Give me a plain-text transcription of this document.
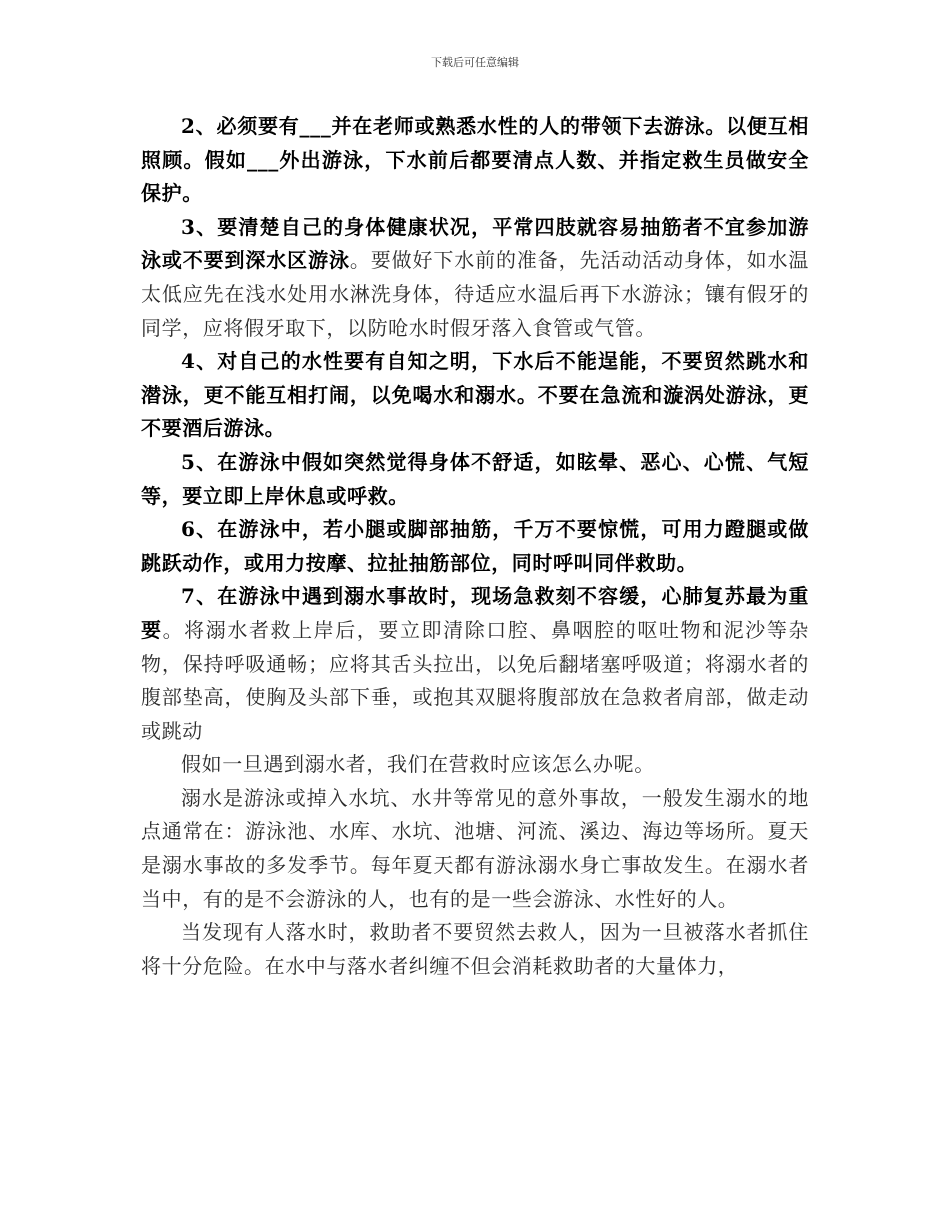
下载后可任意编辑

2、必须要有___并在老师或熟悉水性的人的带领下去游泳。以便互相照顾。假如___外出游泳，下水前后都要清点人数、并指定救生员做安全保护。

3、要清楚自己的身体健康状况，平常四肢就容易抽筋者不宜参加游泳或不要到深水区游泳。要做好下水前的准备，先活动活动身体，如水温太低应先在浅水处用水淋洗身体，待适应水温后再下水游泳；镶有假牙的同学，应将假牙取下，以防呛水时假牙落入食管或气管。

4、对自己的水性要有自知之明，下水后不能逞能，不要贸然跳水和潜泳，更不能互相打闹，以免喝水和溺水。不要在急流和漩涡处游泳，更不要酒后游泳。

5、在游泳中假如突然觉得身体不舒适，如眩晕、恶心、心慌、气短等，要立即上岸休息或呼救。

6、在游泳中，若小腿或脚部抽筋，千万不要惊慌，可用力蹬腿或做跳跃动作，或用力按摩、拉扯抽筋部位，同时呼叫同伴救助。

7、在游泳中遇到溺水事故时，现场急救刻不容缓，心肺复苏最为重要。将溺水者救上岸后，要立即清除口腔、鼻咽腔的呕吐物和泥沙等杂物，保持呼吸通畅；应将其舌头拉出，以免后翻堵塞呼吸道；将溺水者的腹部垫高，使胸及头部下垂，或抱其双腿将腹部放在急救者肩部，做走动或跳动

假如一旦遇到溺水者，我们在营救时应该怎么办呢。

溺水是游泳或掉入水坑、水井等常见的意外事故，一般发生溺水的地点通常在：游泳池、水库、水坑、池塘、河流、溪边、海边等场所。夏天是溺水事故的多发季节。每年夏天都有游泳溺水身亡事故发生。在溺水者当中，有的是不会游泳的人，也有的是一些会游泳、水性好的人。

当发现有人落水时，救助者不要贸然去救人，因为一旦被落水者抓住将十分危险。在水中与落水者纠缠不但会消耗救助者的大量体力，
